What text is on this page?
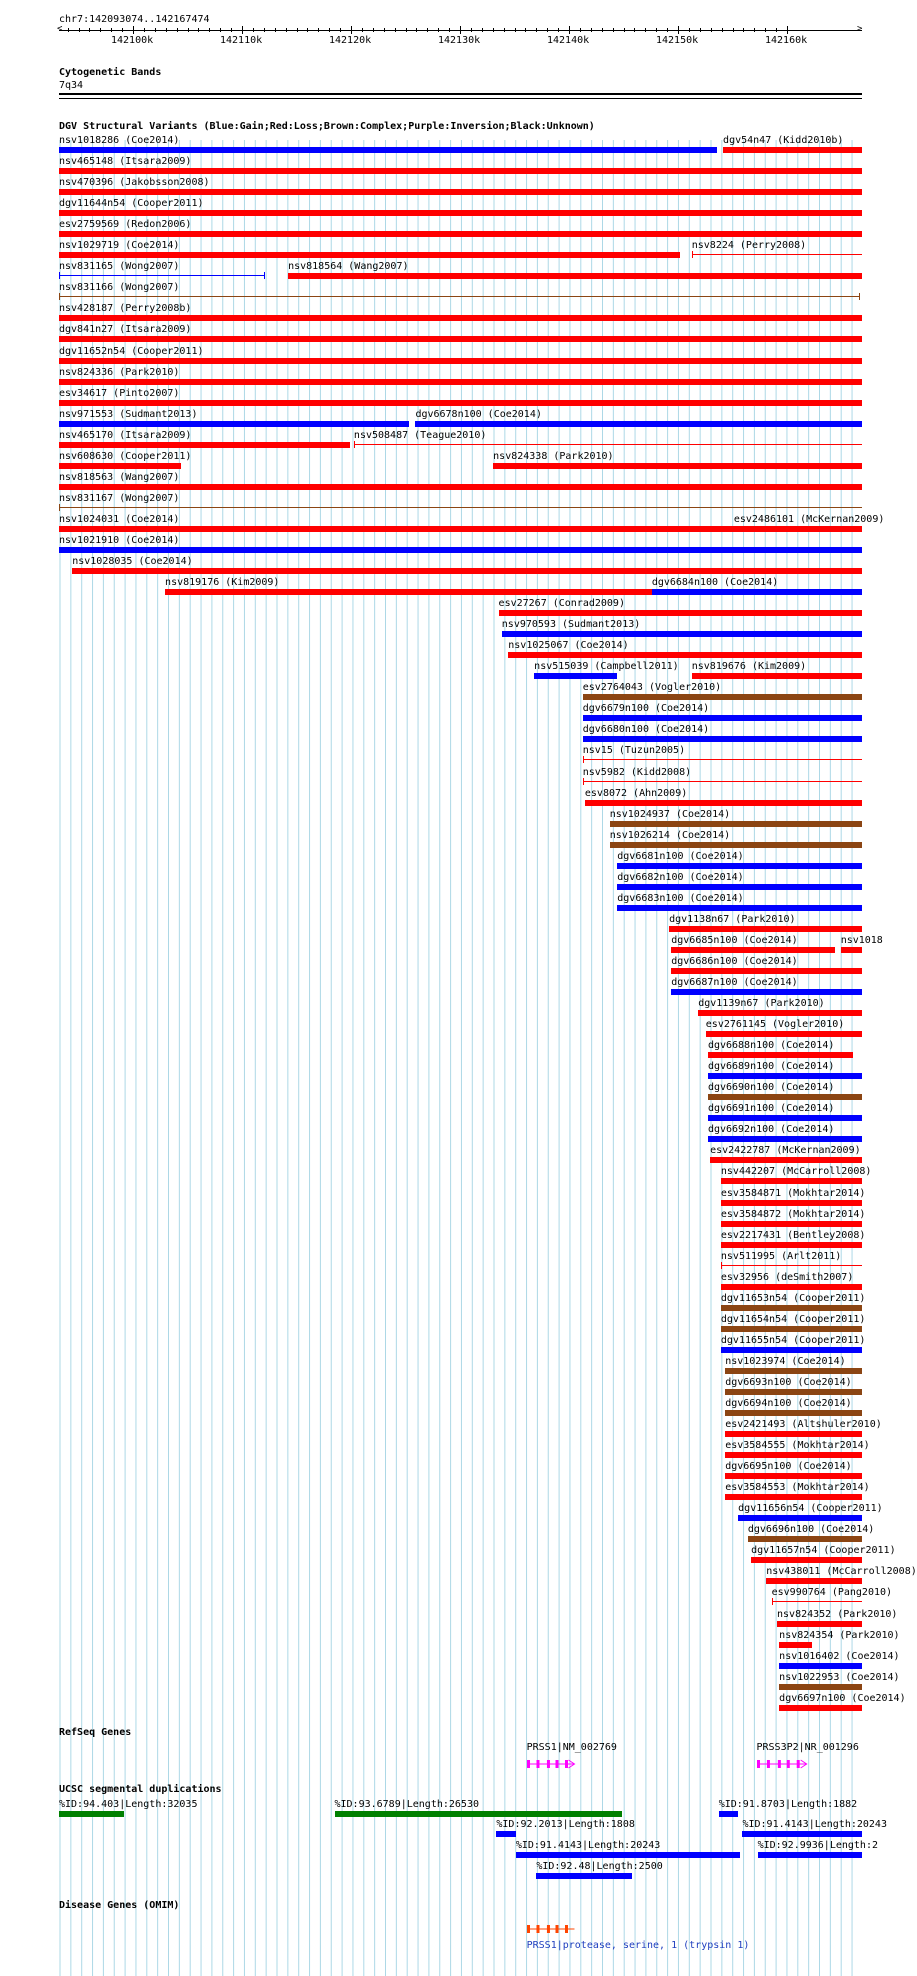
chr7:142093074..142167474
<	>
142100k	142110k	142120k	142130k	142140k	142150k	142160k
Cytogenetic Bands
7q34
DGV Structural Variants (Blue:Gain;Red:Loss;Brown:Complex;Purple:Inversion;Black:Unknown)
nsv1018286 (Coe2014)	dgv54n47 (Kidd2010b)
nsv465148 (Itsara2009)
nsv470396 (Jakobsson2008)
dgv11644n54 (Cooper2011)
esv2759569 (Redon2006)
nsv1029719 (Coe2014)	nsv8224 (Perry2008)
nsv831165 (Wong2007)	nsv818564 (Wang2007)
nsv831166 (Wong2007)
nsv428187 (Perry2008b)
dgv841n27 (Itsara2009)
dgv11652n54 (Cooper2011)
nsv824336 (Park2010)
esv34617 (Pinto2007)
nsv971553 (Sudmant2013)	dgv6678n100 (Coe2014)
nsv465170 (Itsara2009)	nsv508487 (Teague2010)
nsv608630 (Cooper2011)	nsv824338 (Park2010)
nsv818563 (Wang2007)
nsv831167 (Wong2007)
nsv1024031 (Coe2014)	esv2486101 (McKernan2009)
nsv1021910 (Coe2014)
nsv1028035 (Coe2014)
nsv819176 (Kim2009)	dgv6684n100 (Coe2014)
esv27267 (Conrad2009)
nsv970593 (Sudmant2013)
nsv1025067 (Coe2014)
nsv515039 (Campbell2011) nsv819676 (Kim2009)
esv2764043 (Vogler2010)
dgv6679n100 (Coe2014)
dgv6680n100 (Coe2014)
nsv15 (Tuzun2005)
nsv5982 (Kidd2008)
esv8072 (Ahn2009)
nsv1024937 (Coe2014)
nsv1026214 (Coe2014)
dgv6681n100 (Coe2014)
dgv6682n100 (Coe2014)
dgv6683n100 (Coe2014)
dgv1138n67 (Park2010)
dgv6685n100 (Coe2014)	nsv1018
dgv6686n100 (Coe2014)
dgv6687n100 (Coe2014)
dgv1139n67 (Park2010)
esv2761145 (Vogler2010)
dgv6688n100 (Coe2014)
dgv6689n100 (Coe2014)
dgv6690n100 (Coe2014)
dgv6691n100 (Coe2014)
dgv6692n100 (Coe2014)
esv2422787 (McKernan2009)
nsv442207 (McCarroll2008)
esv3584871 (Mokhtar2014)
esv3584872 (Mokhtar2014)
esv2217431 (Bentley2008)
nsv511995 (Arlt2011)
esv32956 (deSmith2007)
dgv11653n54 (Cooper2011)
dgv11654n54 (Cooper2011)
dgv11655n54 (Cooper2011)
nsv1023974 (Coe2014)
dgv6693n100 (Coe2014)
dgv6694n100 (Coe2014)
esv2421493 (Altshuler2010)
esv3584555 (Mokhtar2014)
dgv6695n100 (Coe2014)
esv3584553 (Mokhtar2014)
dgv11656n54 (Cooper2011)
dgv6696n100 (Coe2014)
dgv11657n54 (Cooper2011)
nsv438011 (McCarroll2008)
esv990764 (Pang2010)
nsv824352 (Park2010)
nsv824354 (Park2010)
nsv1016402 (Coe2014)
nsv1022953 (Coe2014)
dgv6697n100 (Coe2014)
RefSeq Genes
PRSS1|NM_002769	PRSS3P2|NR_001296
UCSC segmental duplications
%ID:94.403|Length:32035	%ID:93.6789|Length:26530	%ID:91.8703|Length:1882
%ID:92.2013|Length:1808	%ID:91.4143|Length:20243
%ID:91.4143|Length:20243	%ID:92.9936|Length:2
%ID:92.48|Length:2500
Disease Genes (OMIM)
PRSS1|protease, serine, 1 (trypsin 1)
